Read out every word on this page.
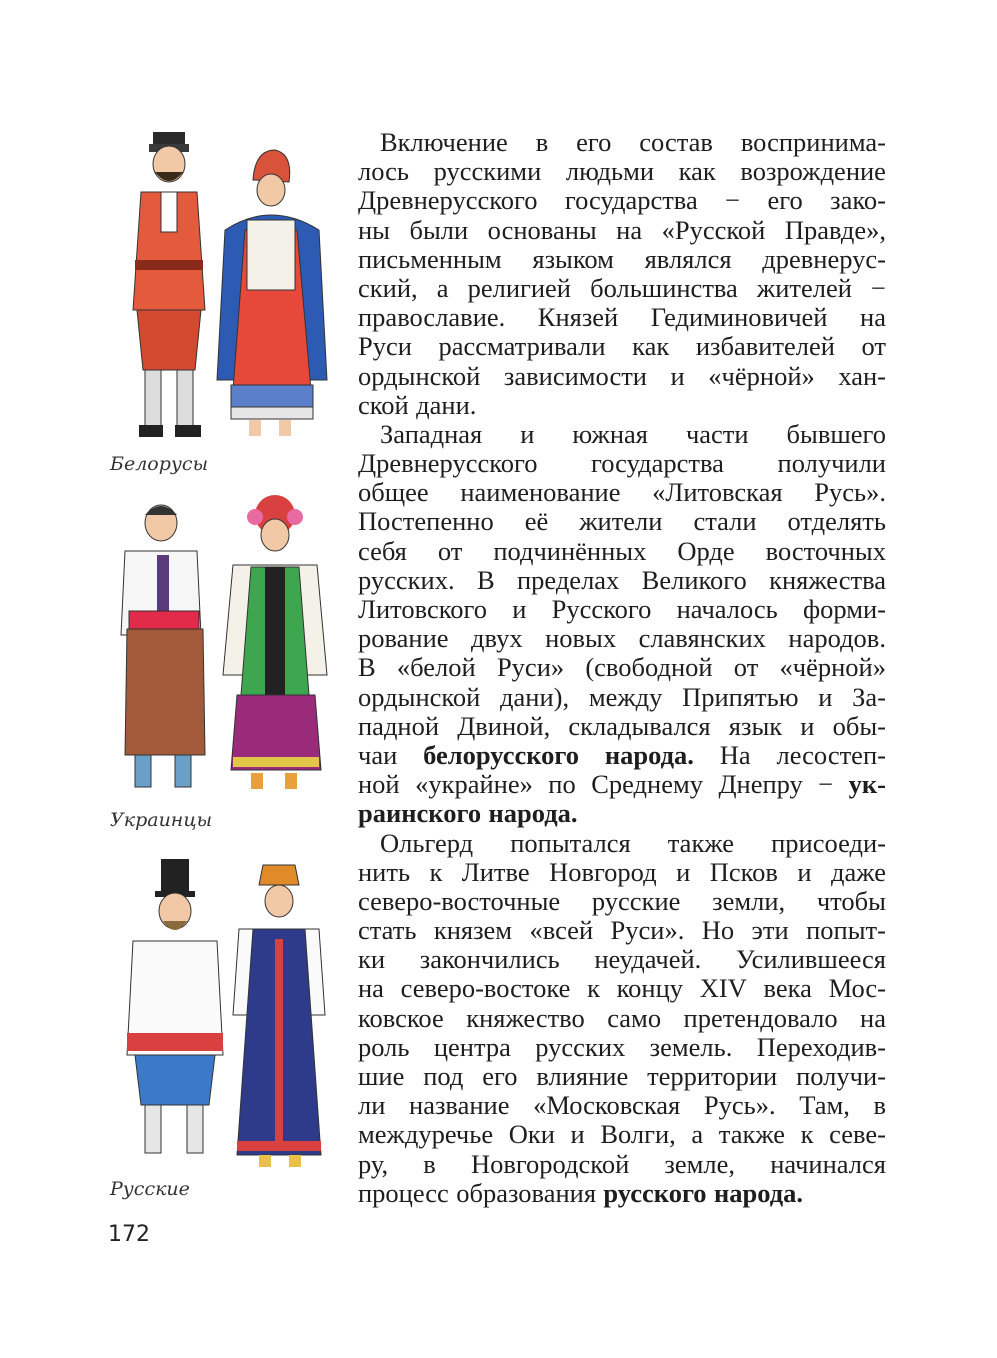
Белорусы
Украинцы
Русские
Включение в его состав воспринима-
лось русскими людьми как возрождение
Древнерусского государства − его зако-
ны были основаны на «Русской Правде»,
письменным языком являлся древнерус-
ский, а религией большинства жителей −
православие. Князей Гедиминовичей на
Руси рассматривали как избавителей от
ордынской зависимости и «чёрной» хан-
ской дани.
Западная и южная части бывшего
Древнерусского государства получили
общее наименование «Литовская Русь».
Постепенно её жители стали отделять
себя от подчинённых Орде восточных
русских. В пределах Великого княжества
Литовского и Русского началось форми-
рование двух новых славянских народов.
В «белой Руси» (свободной от «чёрной»
ордынской дани), между Припятью и За-
падной Двиной, складывался язык и обы-
чаи белорусского народа. На лесостеп-
ной «украйне» по Среднему Днепру − ук-
раинского народа.
Ольгерд попытался также присоеди-
нить к Литве Новгород и Псков и даже
северо-восточные русские земли, чтобы
стать князем «всей Руси». Но эти попыт-
ки закончились неудачей. Усилившееся
на северо-востоке к концу XIV века Мос-
ковское княжество само претендовало на
роль центра русских земель. Переходив-
шие под его влияние территории получи-
ли название «Московская Русь». Там, в
междуречье Оки и Волги, а также к севе-
ру, в Новгородской земле, начинался
процесс образования русского народа.
172
